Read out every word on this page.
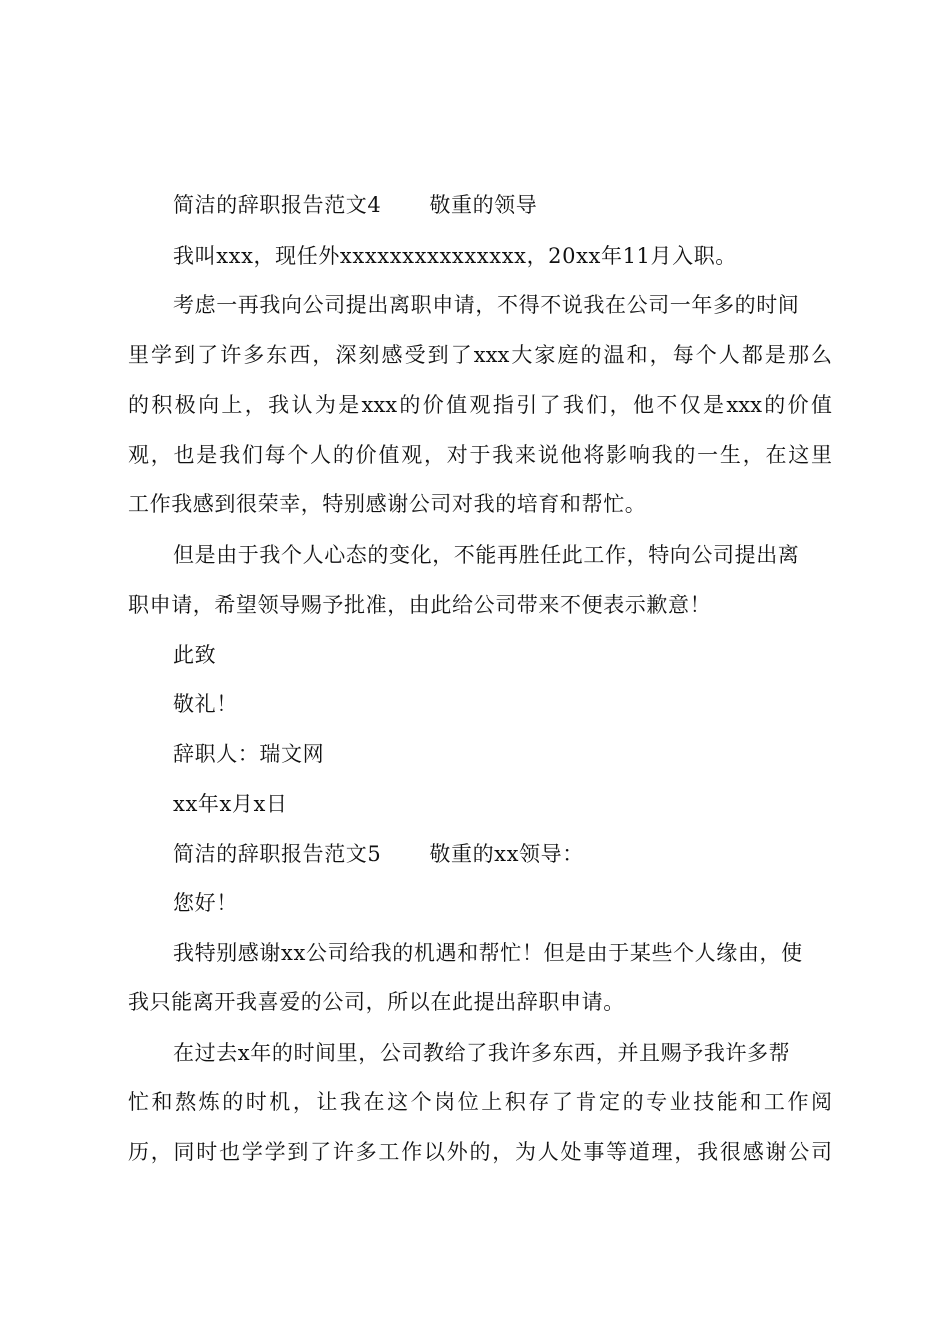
简洁的辞职报告范文4 敬重的领导
我叫xxx，现任外xxxxxxxxxxxxxxx，20xx年11月入职。
考虑一再我向公司提出离职申请，不得不说我在公司一年多的时间
里学到了许多东西，深刻感受到了xxx大家庭的温和，每个人都是那么
的积极向上，我认为是xxx的价值观指引了我们，他不仅是xxx的价值
观，也是我们每个人的价值观，对于我来说他将影响我的一生，在这里
工作我感到很荣幸，特别感谢公司对我的培育和帮忙。
但是由于我个人心态的变化，不能再胜任此工作，特向公司提出离
职申请，希望领导赐予批准，由此给公司带来不便表示歉意！
此致
敬礼！
辞职人：瑞文网
xx年x月x日
简洁的辞职报告范文5 敬重的xx领导：
您好！
我特别感谢xx公司给我的机遇和帮忙！但是由于某些个人缘由，使
我只能离开我喜爱的公司，所以在此提出辞职申请。
在过去x年的时间里，公司教给了我许多东西，并且赐予我许多帮
忙和熬炼的时机，让我在这个岗位上积存了肯定的专业技能和工作阅
历，同时也学学到了许多工作以外的，为人处事等道理，我很感谢公司
